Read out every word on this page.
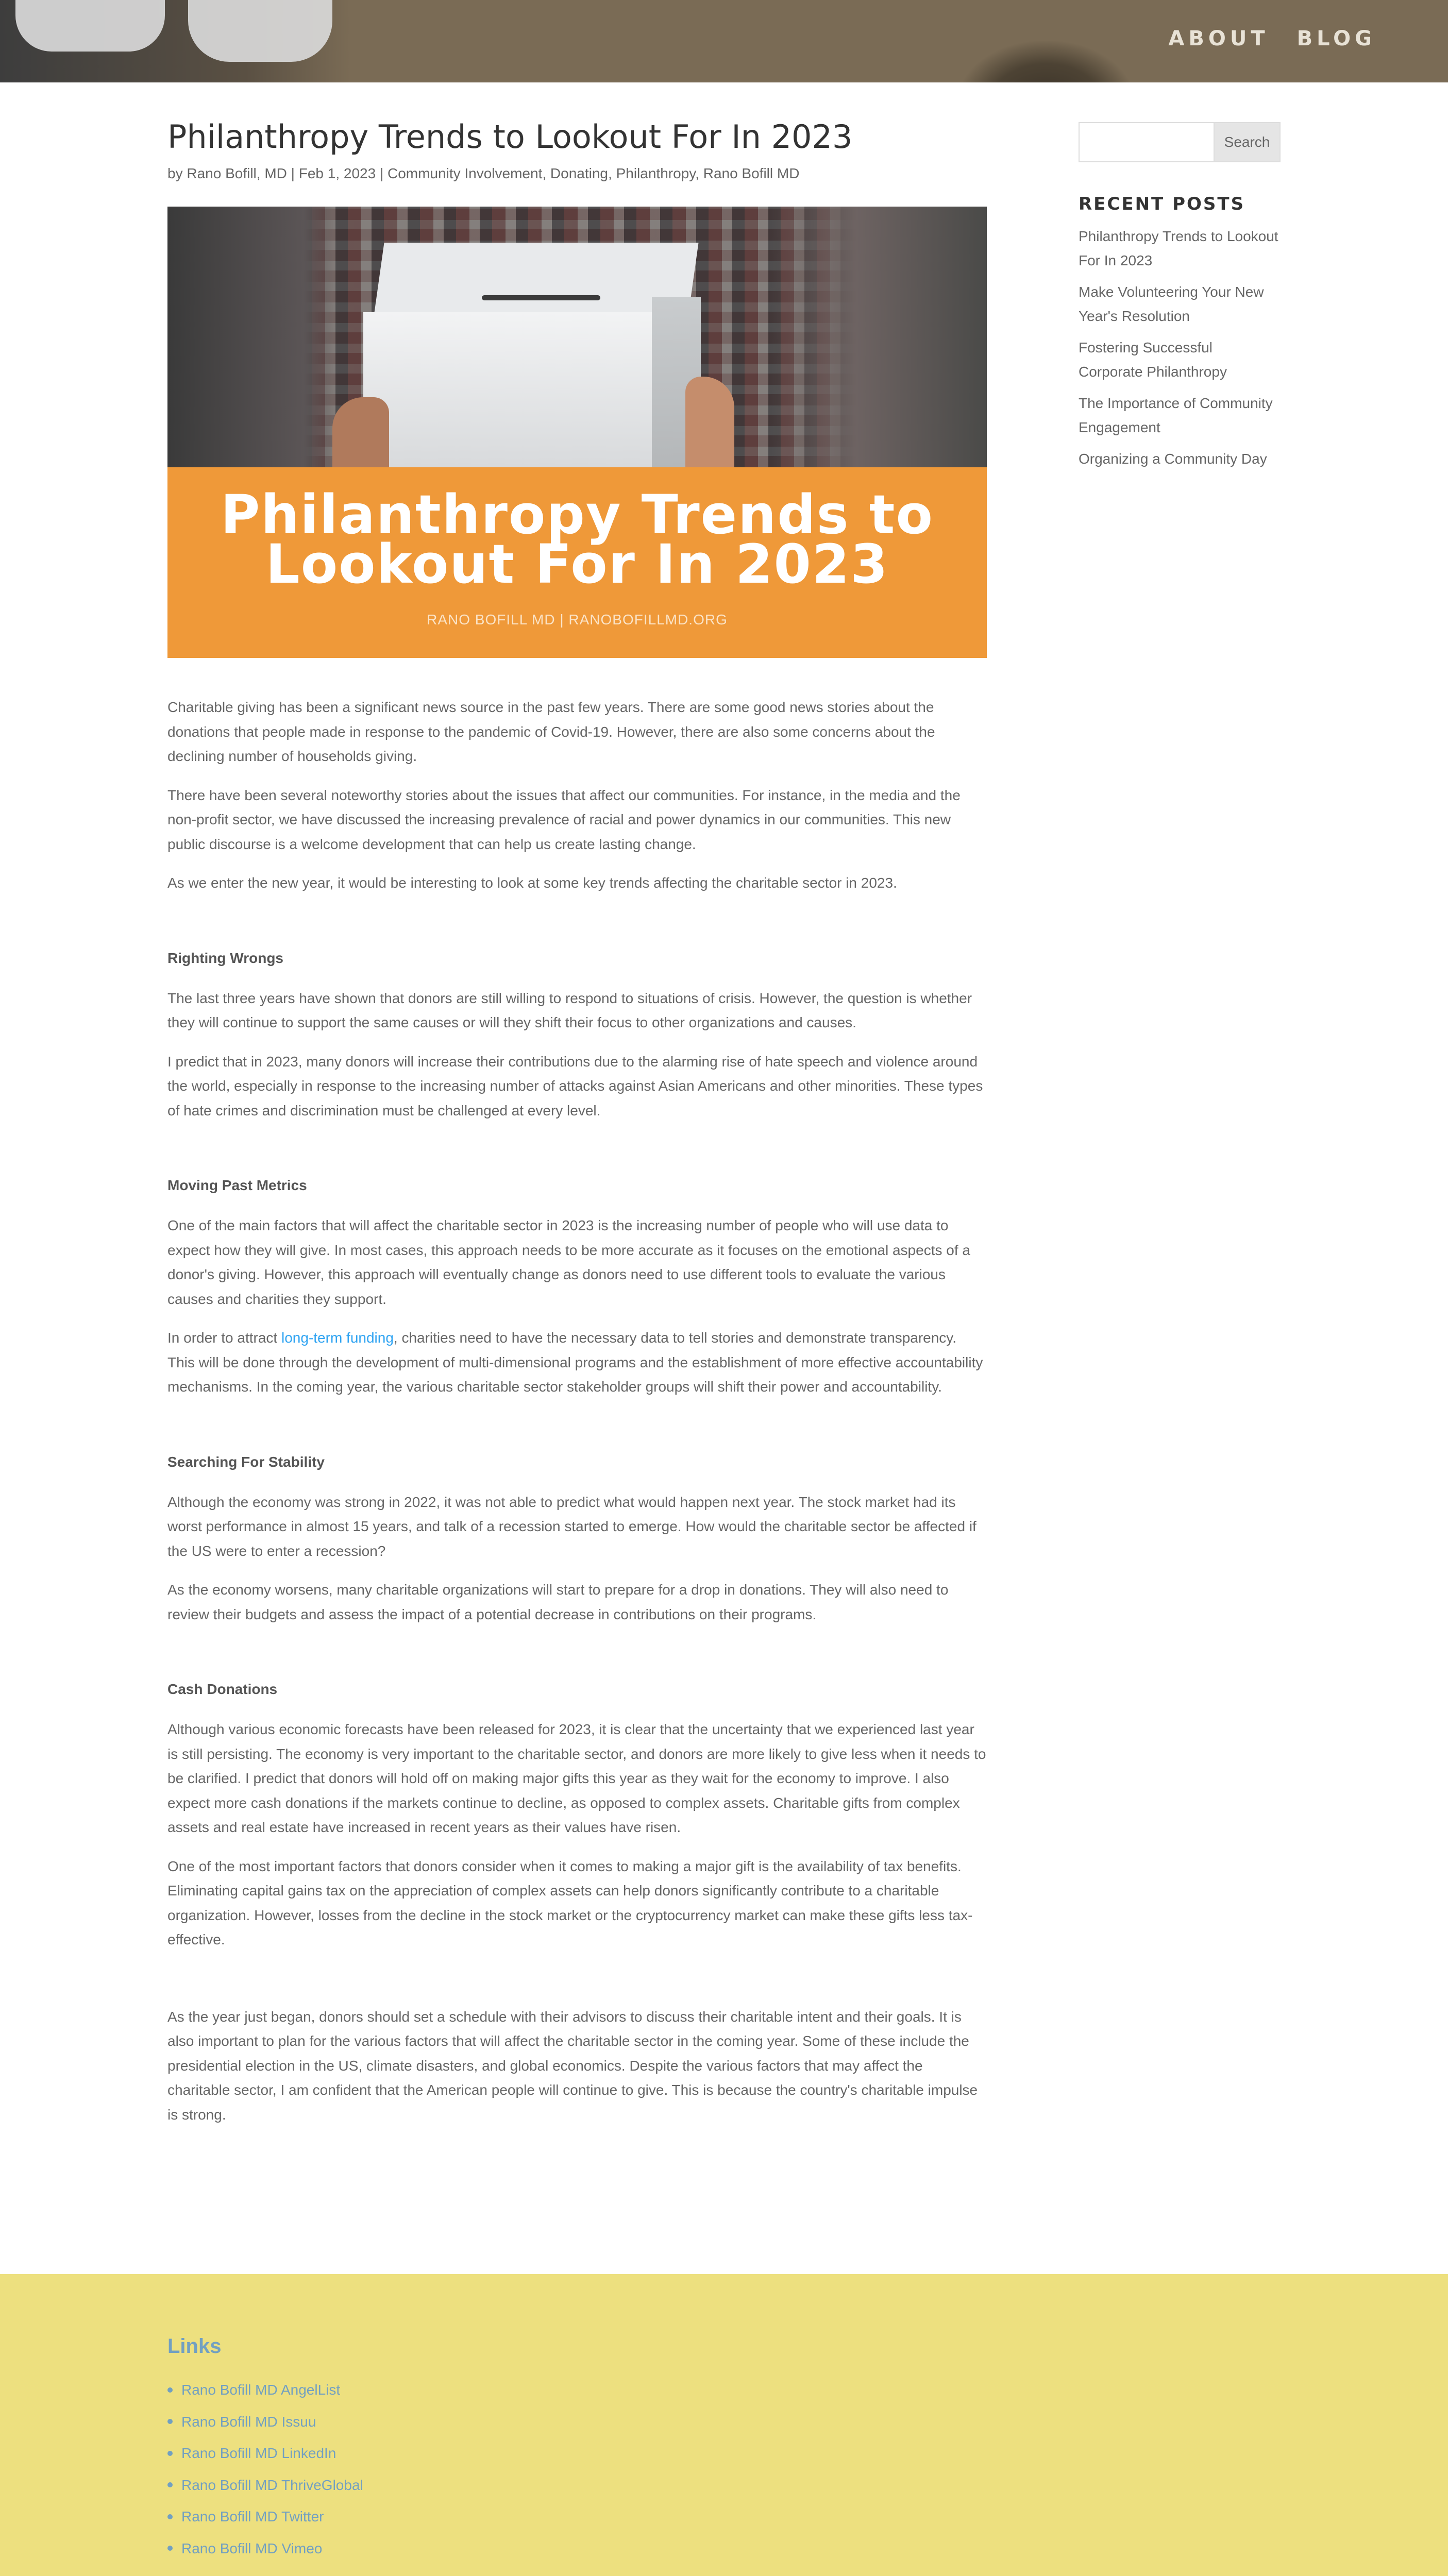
ABOUT BLOG
Philanthropy Trends to Lookout For In 2023
by Rano Bofill, MD | Feb 1, 2023 | Community Involvement, Donating, Philanthropy, Rano Bofill MD
Philanthropy Trends to
Lookout For In 2023
RANO BOFILL MD | RANOBOFILLMD.ORG

Charitable giving has been a significant news source in the past few years. There are some good news stories about the donations that people made in response to the pandemic of Covid-19. However, there are also some concerns about the declining number of households giving.

There have been several noteworthy stories about the issues that affect our communities. For instance, in the media and the non-profit sector, we have discussed the increasing prevalence of racial and power dynamics in our communities. This new public discourse is a welcome development that can help us create lasting change.

As we enter the new year, it would be interesting to look at some key trends affecting the charitable sector in 2023.

Righting Wrongs

The last three years have shown that donors are still willing to respond to situations of crisis. However, the question is whether they will continue to support the same causes or will they shift their focus to other organizations and causes.

I predict that in 2023, many donors will increase their contributions due to the alarming rise of hate speech and violence around the world, especially in response to the increasing number of attacks against Asian Americans and other minorities. These types of hate crimes and discrimination must be challenged at every level.

Moving Past Metrics

One of the main factors that will affect the charitable sector in 2023 is the increasing number of people who will use data to expect how they will give. In most cases, this approach needs to be more accurate as it focuses on the emotional aspects of a donor's giving. However, this approach will eventually change as donors need to use different tools to evaluate the various causes and charities they support.

In order to attract long-term funding, charities need to have the necessary data to tell stories and demonstrate transparency. This will be done through the development of multi-dimensional programs and the establishment of more effective accountability mechanisms. In the coming year, the various charitable sector stakeholder groups will shift their power and accountability.

Searching For Stability

Although the economy was strong in 2022, it was not able to predict what would happen next year. The stock market had its worst performance in almost 15 years, and talk of a recession started to emerge. How would the charitable sector be affected if the US were to enter a recession?

As the economy worsens, many charitable organizations will start to prepare for a drop in donations. They will also need to review their budgets and assess the impact of a potential decrease in contributions on their programs.

Cash Donations

Although various economic forecasts have been released for 2023, it is clear that the uncertainty that we experienced last year is still persisting. The economy is very important to the charitable sector, and donors are more likely to give less when it needs to be clarified. I predict that donors will hold off on making major gifts this year as they wait for the economy to improve. I also expect more cash donations if the markets continue to decline, as opposed to complex assets. Charitable gifts from complex assets and real estate have increased in recent years as their values have risen.

One of the most important factors that donors consider when it comes to making a major gift is the availability of tax benefits. Eliminating capital gains tax on the appreciation of complex assets can help donors significantly contribute to a charitable organization. However, losses from the decline in the stock market or the cryptocurrency market can make these gifts less tax-effective.

As the year just began, donors should set a schedule with their advisors to discuss their charitable intent and their goals. It is also important to plan for the various factors that will affect the charitable sector in the coming year. Some of these include the presidential election in the US, climate disasters, and global economics. Despite the various factors that may affect the charitable sector, I am confident that the American people will continue to give. This is because the country's charitable impulse is strong.

Search
RECENT POSTS
Philanthropy Trends to Lookout For In 2023
Make Volunteering Your New Year's Resolution
Fostering Successful Corporate Philanthropy
The Importance of Community Engagement
Organizing a Community Day
Links
Rano Bofill MD AngelList
Rano Bofill MD Issuu
Rano Bofill MD LinkedIn
Rano Bofill MD ThriveGlobal
Rano Bofill MD Twitter
Rano Bofill MD Vimeo
